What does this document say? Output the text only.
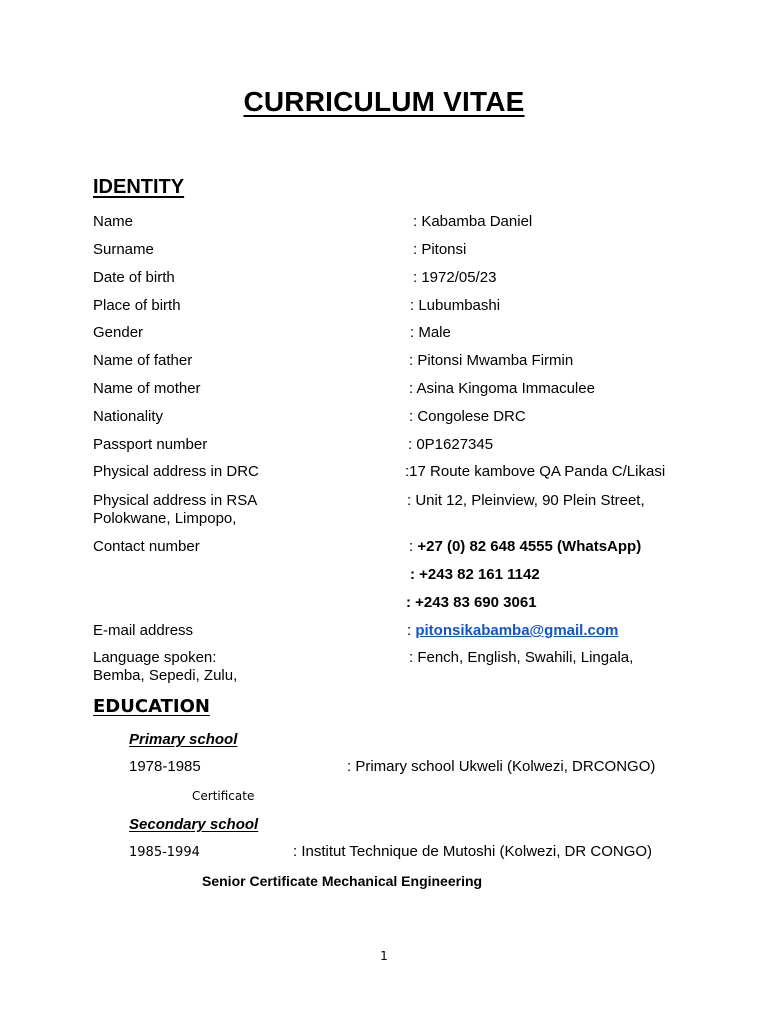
CURRICULUM VITAE
IDENTITY
Name	: Kabamba Daniel
Surname	: Pitonsi
Date of birth	: 1972/05/23
Place of birth	: Lubumbashi
Gender	: Male
Name of father	: Pitonsi Mwamba Firmin
Name of mother	: Asina Kingoma Immaculee
Nationality	: Congolese DRC
Passport number	: 0P1627345
Physical address in DRC	:17 Route kambove QA Panda C/Likasi
Physical address in RSA	: Unit 12, Pleinview, 90 Plein Street,
Polokwane, Limpopo,
Contact number	: +27 (0) 82 648 4555 (WhatsApp)
: +243 82 161 1142
: +243 83 690 3061
E-mail address	: pitonsikabamba@gmail.com
Language spoken:	: Fench, English, Swahili, Lingala,
Bemba, Sepedi, Zulu,
EDUCATION
Primary school
1978-1985	: Primary school Ukweli (Kolwezi, DRCONGO)
Certificate
Secondary school
1985-1994	: Institut Technique de Mutoshi (Kolwezi, DR CONGO)
Senior Certificate Mechanical Engineering
1
